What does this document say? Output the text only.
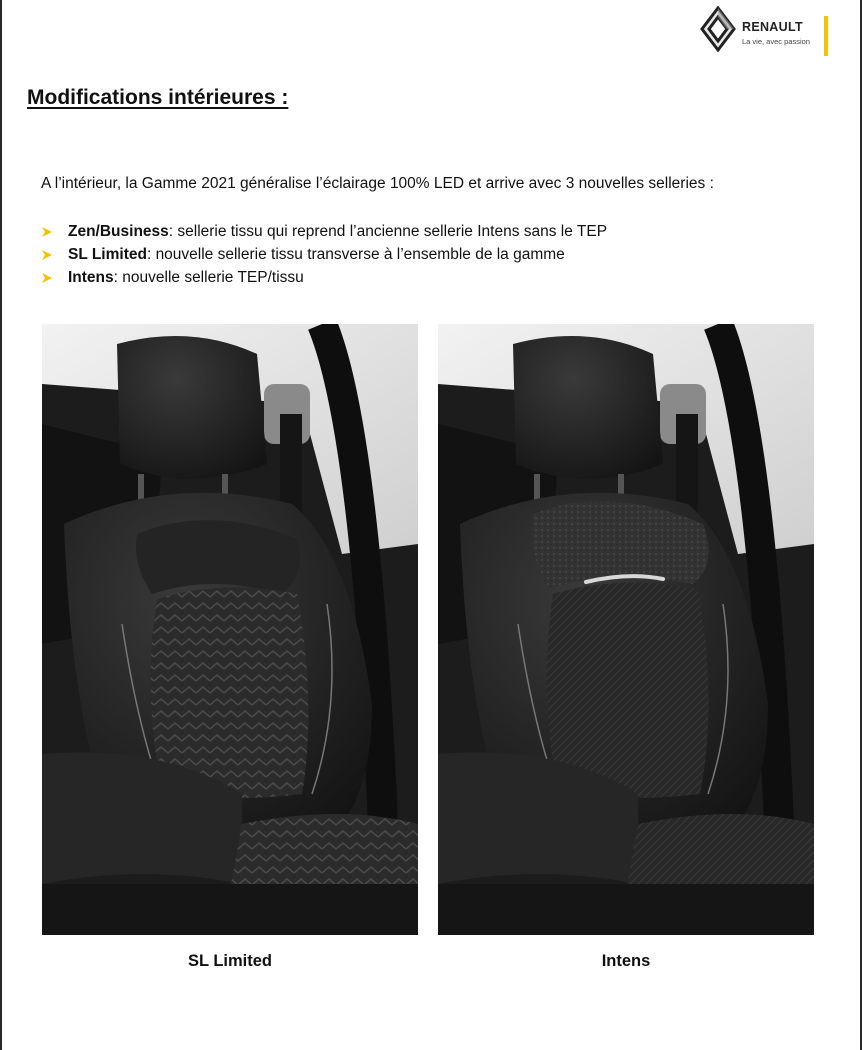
RENAULT
La vie, avec passion
Modifications intérieures :

A l’intérieur, la Gamme 2021 généralise l’éclairage 100% LED et arrive avec 3 nouvelles selleries :

Zen/Business : sellerie tissu qui reprend l’ancienne sellerie Intens sans le TEP
SL Limited : nouvelle sellerie tissu transverse à l’ensemble de la gamme
Intens : nouvelle sellerie TEP/tissu
SL Limited	Intens
